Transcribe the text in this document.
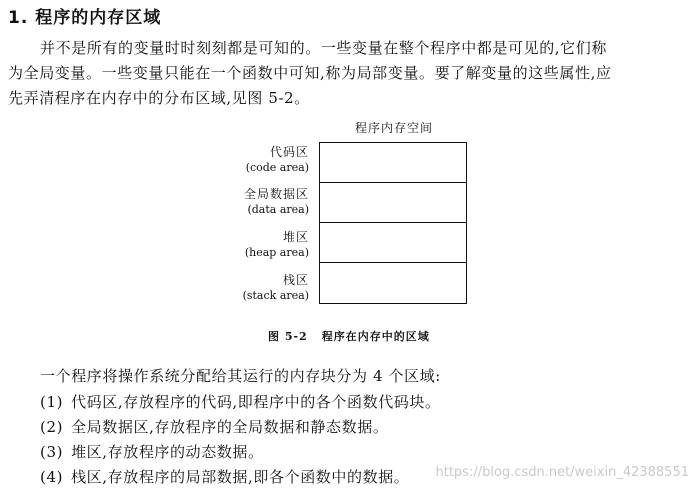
1. 程序的内存区域
并不是所有的变量时时刻刻都是可知的。一些变量在整个程序中都是可见的,它们称
为全局变量。一些变量只能在一个函数中可知,称为局部变量。要了解变量的这些属性,应
先弄清程序在内存中的分布区域,见图 5-2。
程序内存空间
代码区
(code area)
全局数据区
(data area)
堆区
(heap area)
栈区
(stack area)
图 5-2 程序在内存中的区域
一个程序将操作系统分配给其运行的内存块分为 4 个区域:
(1) 代码区,存放程序的代码,即程序中的各个函数代码块。
(2) 全局数据区,存放程序的全局数据和静态数据。
(3) 堆区,存放程序的动态数据。
(4) 栈区,存放程序的局部数据,即各个函数中的数据。	https://blog.csdn.net/weixin_42388551
